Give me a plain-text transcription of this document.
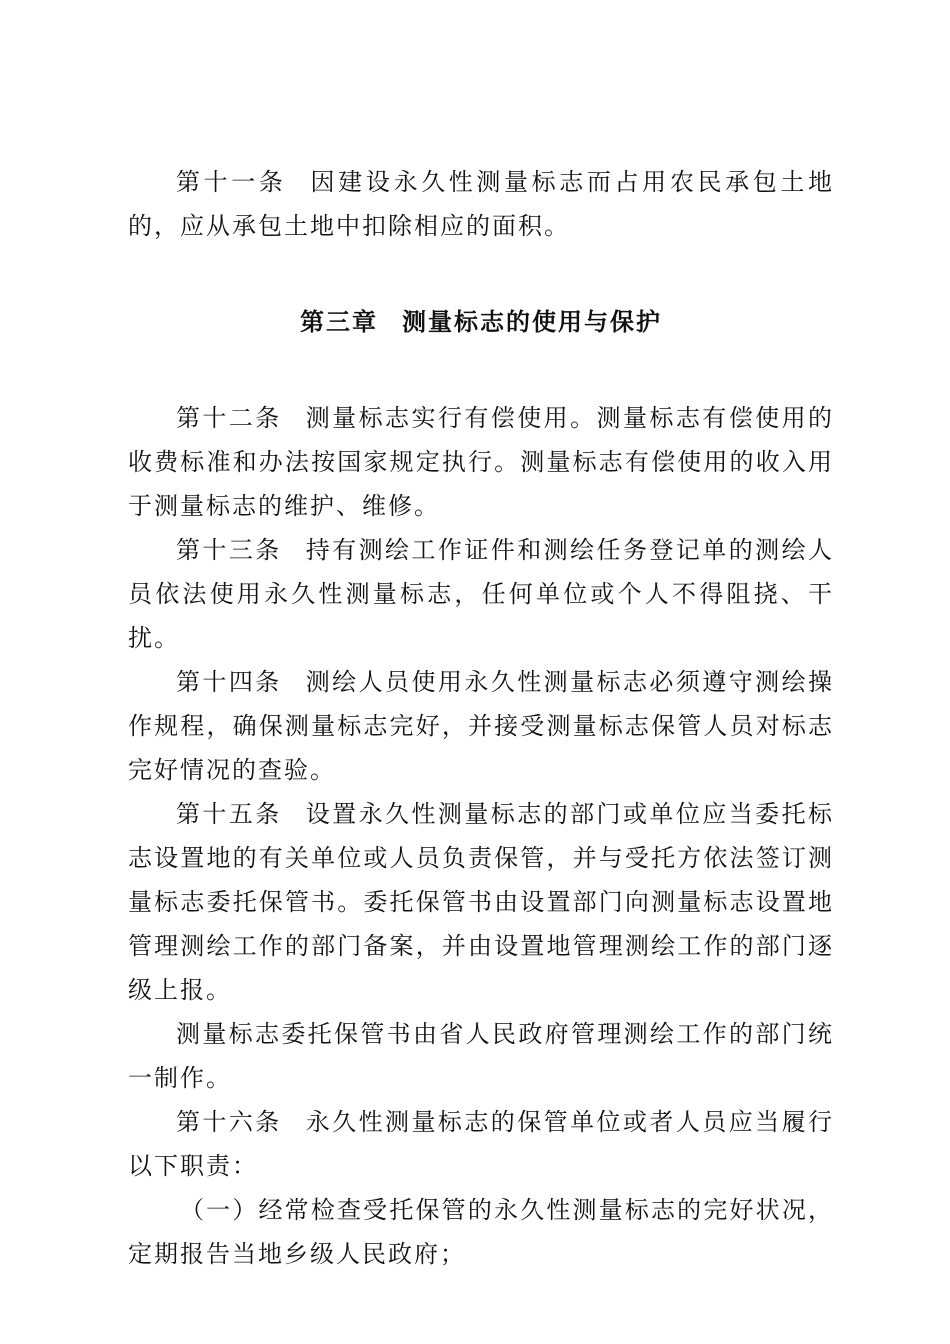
第十一条 因建设永久性测量标志而占用农民承包土地的，应从承包土地中扣除相应的面积。

第三章 测量标志的使用与保护

第十二条 测量标志实行有偿使用。测量标志有偿使用的收费标准和办法按国家规定执行。测量标志有偿使用的收入用于测量标志的维护、维修。

第十三条 持有测绘工作证件和测绘任务登记单的测绘人员依法使用永久性测量标志，任何单位或个人不得阻挠、干扰。

第十四条 测绘人员使用永久性测量标志必须遵守测绘操作规程，确保测量标志完好，并接受测量标志保管人员对标志完好情况的查验。

第十五条 设置永久性测量标志的部门或单位应当委托标志设置地的有关单位或人员负责保管，并与受托方依法签订测量标志委托保管书。委托保管书由设置部门向测量标志设置地管理测绘工作的部门备案，并由设置地管理测绘工作的部门逐级上报。

测量标志委托保管书由省人民政府管理测绘工作的部门统一制作。

第十六条 永久性测量标志的保管单位或者人员应当履行以下职责：

（一）经常检查受托保管的永久性测量标志的完好状况，定期报告当地乡级人民政府；
